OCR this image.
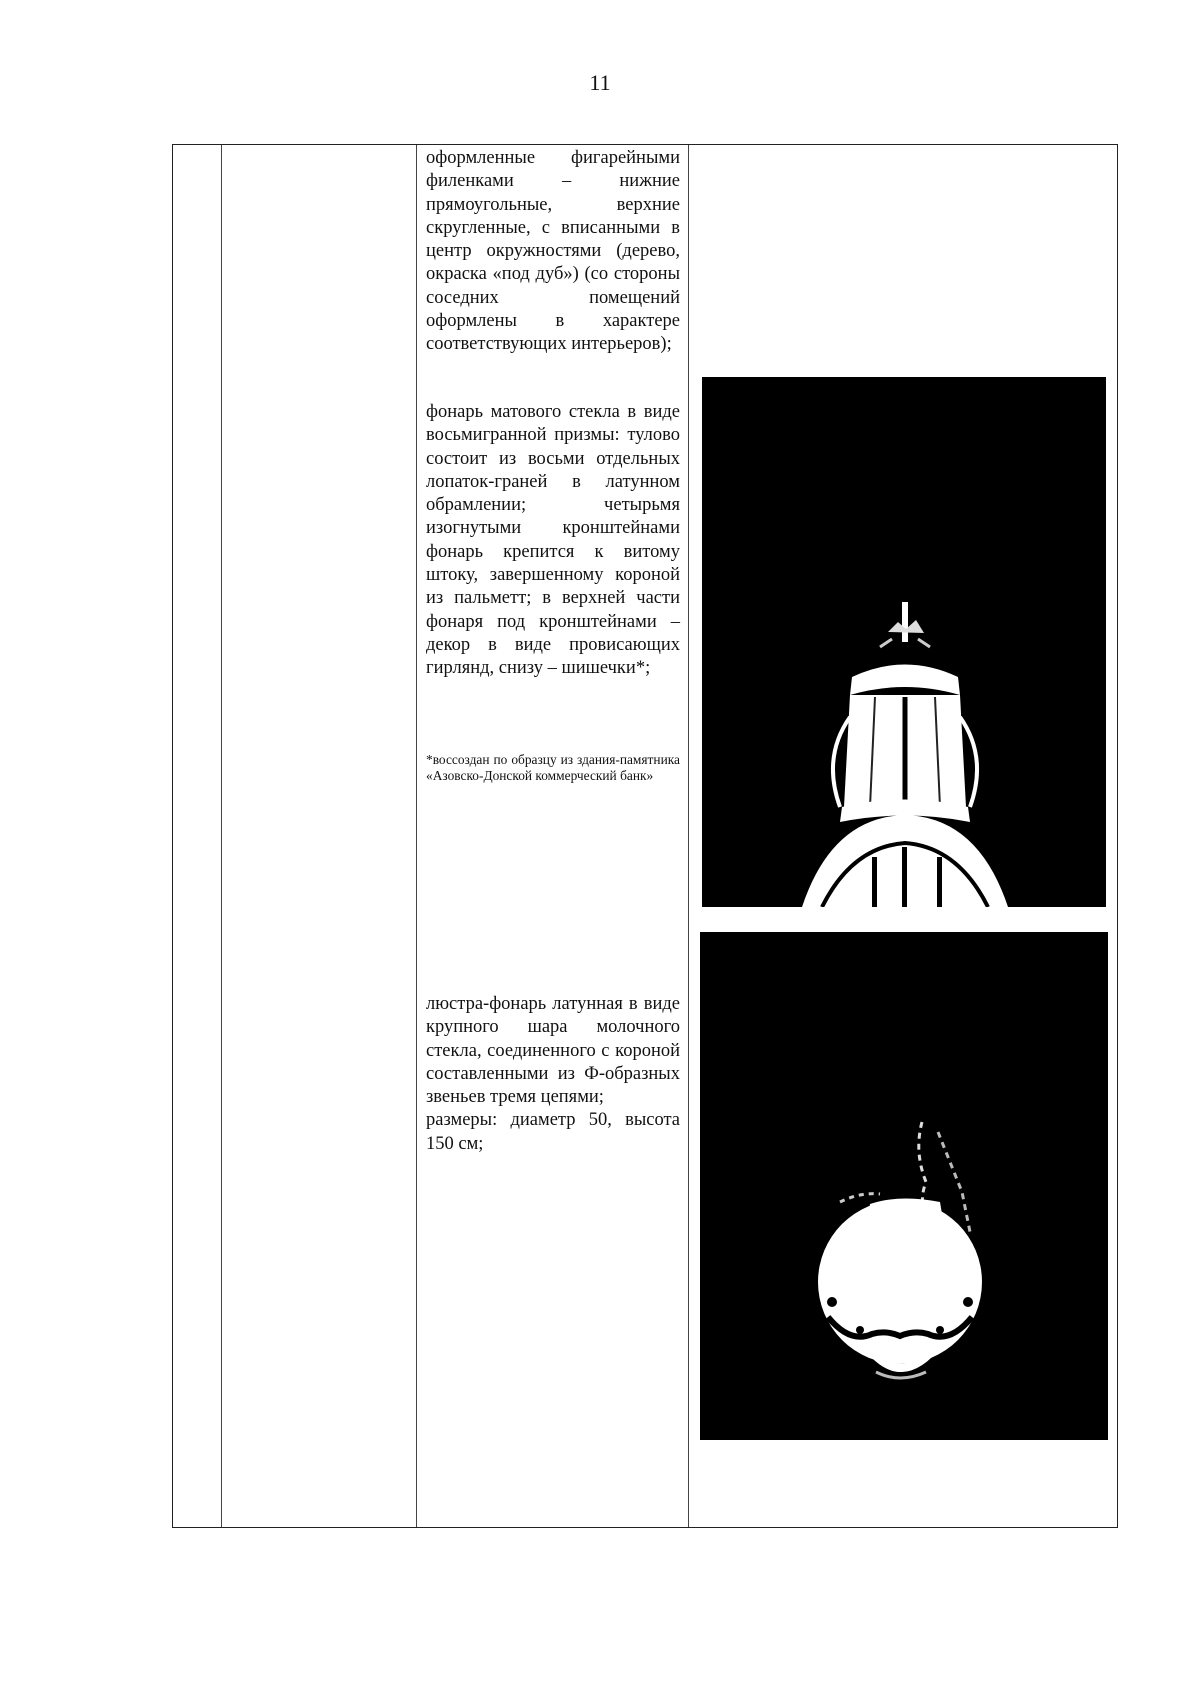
11

оформленные фигарейными филенками – нижние прямоугольные, верхние скругленные, с вписанными в центр окружностями (дерево, окраска «под дуб») (со стороны соседних помещений оформлены в характере соответствующих интерьеров);

фонарь матового стекла в виде восьмигранной призмы: тулово состоит из восьми отдельных лопаток-граней в латунном обрамлении; четырьмя изогнутыми кронштейнами фонарь крепится к витому штоку, завершенному короной из пальметт; в верхней части фонаря под кронштейнами – декор в виде провисающих гирлянд, снизу – шишечки*;

*воссоздан по образцу из здания-памятника «Азовско-Донской коммерческий банк»

люстра-фонарь латунная в виде крупного шара молочного стекла, соединенного с короной составленными из Ф-образных звеньев тремя цепями;
размеры: диаметр 50, высота 150 см;
